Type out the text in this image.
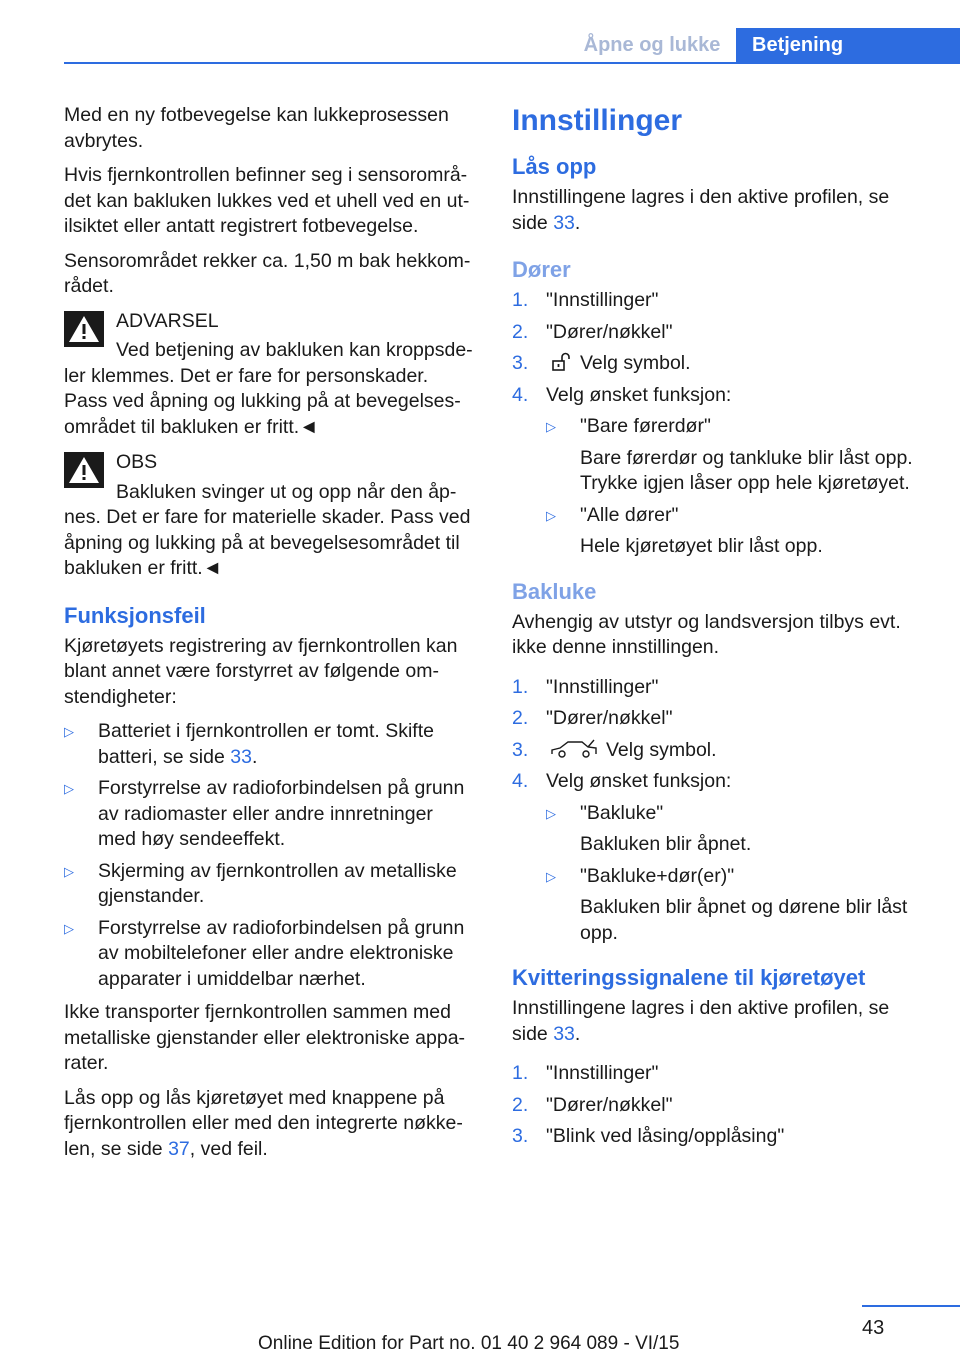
Åpne og lukke	Betjening

Med en ny fotbevegelse kan lukkeprosessen avbrytes.

Hvis fjernkontrollen befinner seg i sensorområ-det kan bakluken lukkes ved et uhell ved en ut-ilsiktet eller antatt registrert fotbevegelse.

Sensorområdet rekker ca. 1,50 m bak hekkom-rådet.

ADVARSEL
Ved betjening av bakluken kan kroppsde-ler klemmes. Det er fare for personskader. Pass ved åpning og lukking på at bevegelses-området til bakluken er fritt.◄
OBS
Bakluken svinger ut og opp når den åp-nes. Det er fare for materielle skader. Pass ved åpning og lukking på at bevegelsesområdet til bakluken er fritt.◄
Funksjonsfeil

Kjøretøyets registrering av fjernkontrollen kan blant annet være forstyrret av følgende om-stendigheter:

▷	Batteriet i fjernkontrollen er tomt. Skifte batteri, se side 33.
▷	Forstyrrelse av radioforbindelsen på grunn av radiomaster eller andre innretninger med høy sendeeffekt.
▷	Skjerming av fjernkontrollen av metalliske gjenstander.
▷	Forstyrrelse av radioforbindelsen på grunn av mobiltelefoner eller andre elektroniske apparater i umiddelbar nærhet.

Ikke transporter fjernkontrollen sammen med metalliske gjenstander eller elektroniske appa-rater.

Lås opp og lås kjøretøyet med knappene på fjernkontrollen eller med den integrerte nøkke-len, se side 37, ved feil.

Innstillinger
Lås opp

Innstillingene lagres i den aktive profilen, se side 33.

Dører
1. "Innstillinger"
2. "Dører/nøkkel"
3.	Velg symbol.
4. Velg ønsket funksjon:
▷	"Bare førerdør"
Bare førerdør og tankluke blir låst opp. Trykke igjen låser opp hele kjøretøyet.
▷	"Alle dører"
Hele kjøretøyet blir låst opp.
Bakluke

Avhengig av utstyr og landsversjon tilbys evt. ikke denne innstillingen.

1. "Innstillinger"
2. "Dører/nøkkel"
3.	Velg symbol.
4. Velg ønsket funksjon:
▷	"Bakluke"
Bakluken blir åpnet.
▷	"Bakluke+dør(er)"
Bakluken blir åpnet og dørene blir låst opp.
Kvitteringssignalene til kjøretøyet

Innstillingene lagres i den aktive profilen, se side 33.

1. "Innstillinger"
2. "Dører/nøkkel"
3. "Blink ved låsing/opplåsing"
43
Online Edition for Part no. 01 40 2 964 089 - VI/15
